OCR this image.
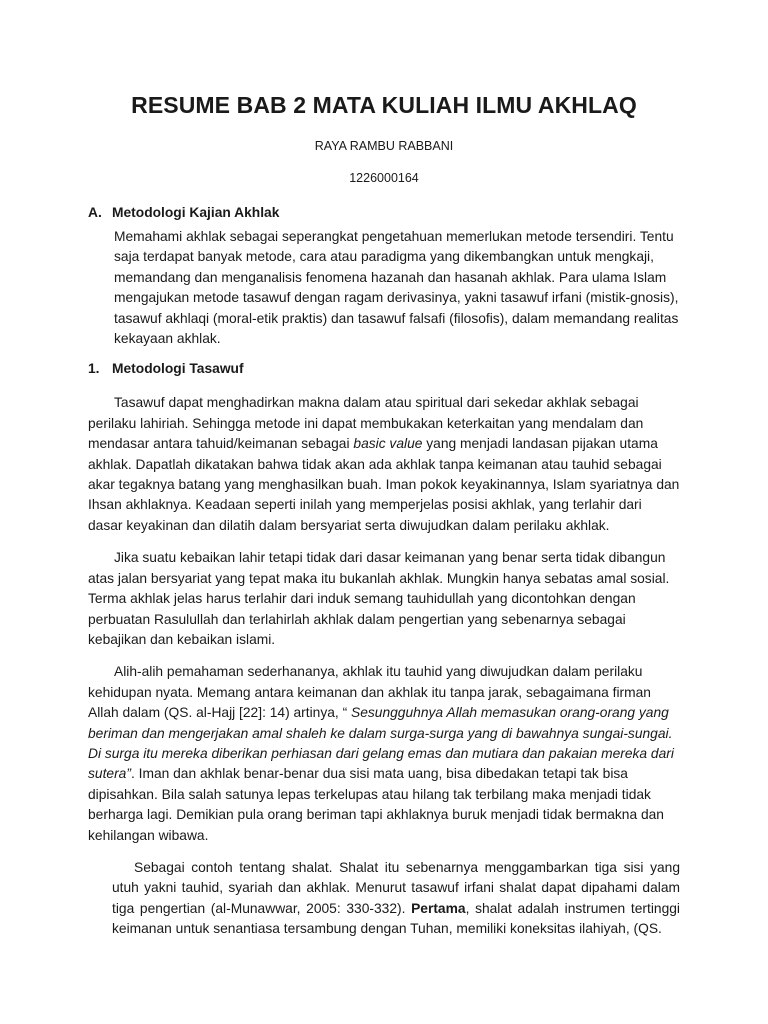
RESUME BAB 2 MATA KULIAH ILMU AKHLAQ
RAYA RAMBU RABBANI
1226000164
A. Metodologi Kajian Akhlak

Memahami akhlak sebagai seperangkat pengetahuan memerlukan metode tersendiri. Tentu saja terdapat banyak metode, cara atau paradigma yang dikembangkan untuk mengkaji, memandang dan menganalisis fenomena hazanah dan hasanah akhlak. Para ulama Islam mengajukan metode tasawuf dengan ragam derivasinya, yakni tasawuf irfani (mistik-gnosis), tasawuf akhlaqi (moral-etik praktis) dan tasawuf falsafi (filosofis), dalam memandang realitas kekayaan akhlak.

1. Metodologi Tasawuf

Tasawuf dapat menghadirkan makna dalam atau spiritual dari sekedar akhlak sebagai perilaku lahiriah. Sehingga metode ini dapat membukakan keterkaitan yang mendalam dan mendasar antara tahuid/keimanan sebagai basic value yang menjadi landasan pijakan utama akhlak. Dapatlah dikatakan bahwa tidak akan ada akhlak tanpa keimanan atau tauhid sebagai akar tegaknya batang yang menghasilkan buah. Iman pokok keyakinannya, Islam syariatnya dan Ihsan akhlaknya. Keadaan seperti inilah yang memperjelas posisi akhlak, yang terlahir dari dasar keyakinan dan dilatih dalam bersyariat serta diwujudkan dalam perilaku akhlak.

Jika suatu kebaikan lahir tetapi tidak dari dasar keimanan yang benar serta tidak dibangun atas jalan bersyariat yang tepat maka itu bukanlah akhlak. Mungkin hanya sebatas amal sosial. Terma akhlak jelas harus terlahir dari induk semang tauhidullah yang dicontohkan dengan perbuatan Rasulullah dan terlahirlah akhlak dalam pengertian yang sebenarnya sebagai kebajikan dan kebaikan islami.

Alih-alih pemahaman sederhananya, akhlak itu tauhid yang diwujudkan dalam perilaku kehidupan nyata. Memang antara keimanan dan akhlak itu tanpa jarak, sebagaimana firman Allah dalam (QS. al-Hajj [22]: 14) artinya, “ Sesungguhnya Allah memasukan orang-orang yang beriman dan mengerjakan amal shaleh ke dalam surga-surga yang di bawahnya sungai-sungai. Di surga itu mereka diberikan perhiasan dari gelang emas dan mutiara dan pakaian mereka dari sutera”. Iman dan akhlak benar-benar dua sisi mata uang, bisa dibedakan tetapi tak bisa dipisahkan. Bila salah satunya lepas terkelupas atau hilang tak terbilang maka menjadi tidak berharga lagi. Demikian pula orang beriman tapi akhlaknya buruk menjadi tidak bermakna dan kehilangan wibawa.

Sebagai contoh tentang shalat. Shalat itu sebenarnya menggambarkan tiga sisi yang utuh yakni tauhid, syariah dan akhlak. Menurut tasawuf irfani shalat dapat dipahami dalam tiga pengertian (al-Munawwar, 2005: 330-332). Pertama, shalat adalah instrumen tertinggi keimanan untuk senantiasa tersambung dengan Tuhan, memiliki koneksitas ilahiyah, (QS.
